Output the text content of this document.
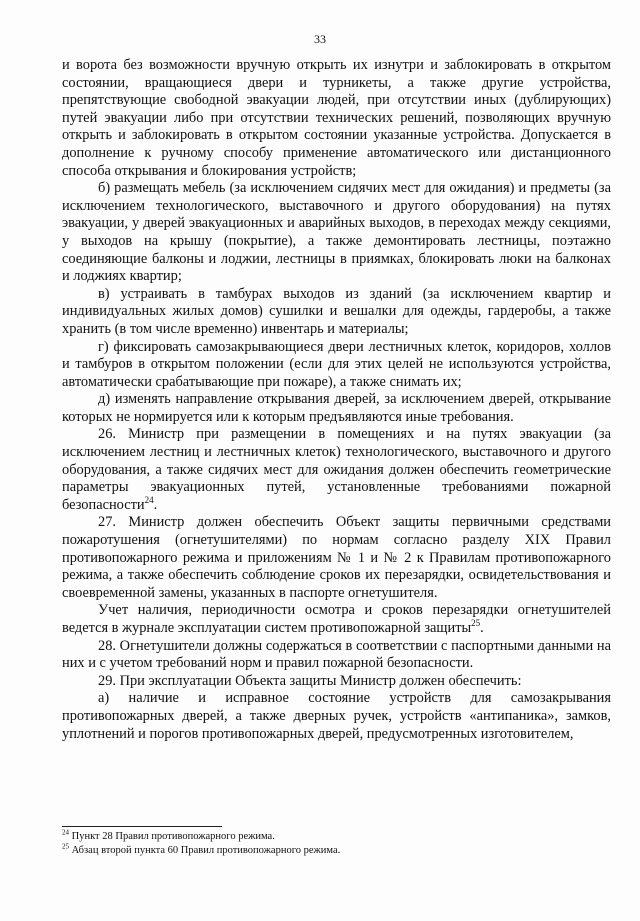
33

и ворота без возможности вручную открыть их изнутри и заблокировать в открытом состоянии, вращающиеся двери и турникеты, а также другие устройства, препятствующие свободной эвакуации людей, при отсутствии иных (дублирующих) путей эвакуации либо при отсутствии технических решений, позволяющих вручную открыть и заблокировать в открытом состоянии указанные устройства. Допускается в дополнение к ручному способу применение автоматического или дистанционного способа открывания и блокирования устройств;

б) размещать мебель (за исключением сидячих мест для ожидания) и предметы (за исключением технологического, выставочного и другого оборудования) на путях эвакуации, у дверей эвакуационных и аварийных выходов, в переходах между секциями, у выходов на крышу (покрытие), а также демонтировать лестницы, поэтажно соединяющие балконы и лоджии, лестницы в приямках, блокировать люки на балконах и лоджиях квартир;

в) устраивать в тамбурах выходов из зданий (за исключением квартир и индивидуальных жилых домов) сушилки и вешалки для одежды, гардеробы, а также хранить (в том числе временно) инвентарь и материалы;

г) фиксировать самозакрывающиеся двери лестничных клеток, коридоров, холлов и тамбуров в открытом положении (если для этих целей не используются устройства, автоматически срабатывающие при пожаре), а также снимать их;

д) изменять направление открывания дверей, за исключением дверей, открывание которых не нормируется или к которым предъявляются иные требования.

26. Министр при размещении в помещениях и на путях эвакуации (за исключением лестниц и лестничных клеток) технологического, выставочного и другого оборудования, а также сидячих мест для ожидания должен обеспечить геометрические параметры эвакуационных путей, установленные требованиями пожарной безопасности$^{24}$.

27. Министр должен обеспечить Объект защиты первичными средствами пожаротушения (огнетушителями) по нормам согласно разделу XIX Правил противопожарного режима и приложениям № 1 и № 2 к Правилам противопожарного режима, а также обеспечить соблюдение сроков их перезарядки, освидетельствования и своевременной замены, указанных в паспорте огнетушителя.

Учет наличия, периодичности осмотра и сроков перезарядки огнетушителей ведется в журнале эксплуатации систем противопожарной защиты$^{25}$.

28. Огнетушители должны содержаться в соответствии с паспортными данными на них и с учетом требований норм и правил пожарной безопасности.

29. При эксплуатации Объекта защиты Министр должен обеспечить:

а) наличие и исправное состояние устройств для самозакрывания противопожарных дверей, а также дверных ручек, устройств «антипаника», замков, уплотнений и порогов противопожарных дверей, предусмотренных изготовителем,

$^{24}$ Пункт 28 Правил противопожарного режима.

$^{25}$ Абзац второй пункта 60 Правил противопожарного режима.
